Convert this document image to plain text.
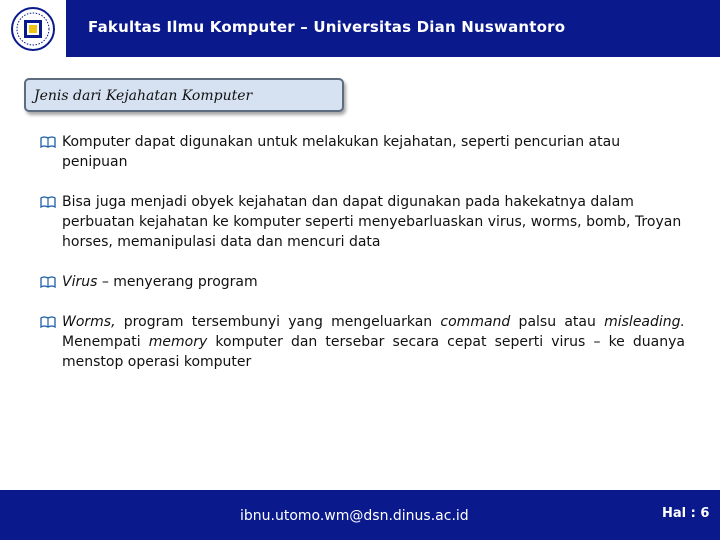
Fakultas Ilmu Komputer – Universitas Dian Nuswantoro
Jenis dari Kejahatan Komputer
Komputer dapat digunakan untuk melakukan kejahatan, seperti pencurian atau penipuan
Bisa juga menjadi obyek kejahatan dan dapat digunakan pada hakekatnya dalam perbuatan kejahatan ke komputer seperti menyebarluaskan virus, worms, bomb, Troyan horses, memanipulasi data dan mencuri data
Virus – menyerang program
Worms, program tersembunyi yang mengeluarkan command palsu atau misleading. Menempati memory komputer dan tersebar secara cepat seperti virus – ke duanya menstop operasi komputer
ibnu.utomo.wm@dsn.dinus.ac.id	Hal : 6
